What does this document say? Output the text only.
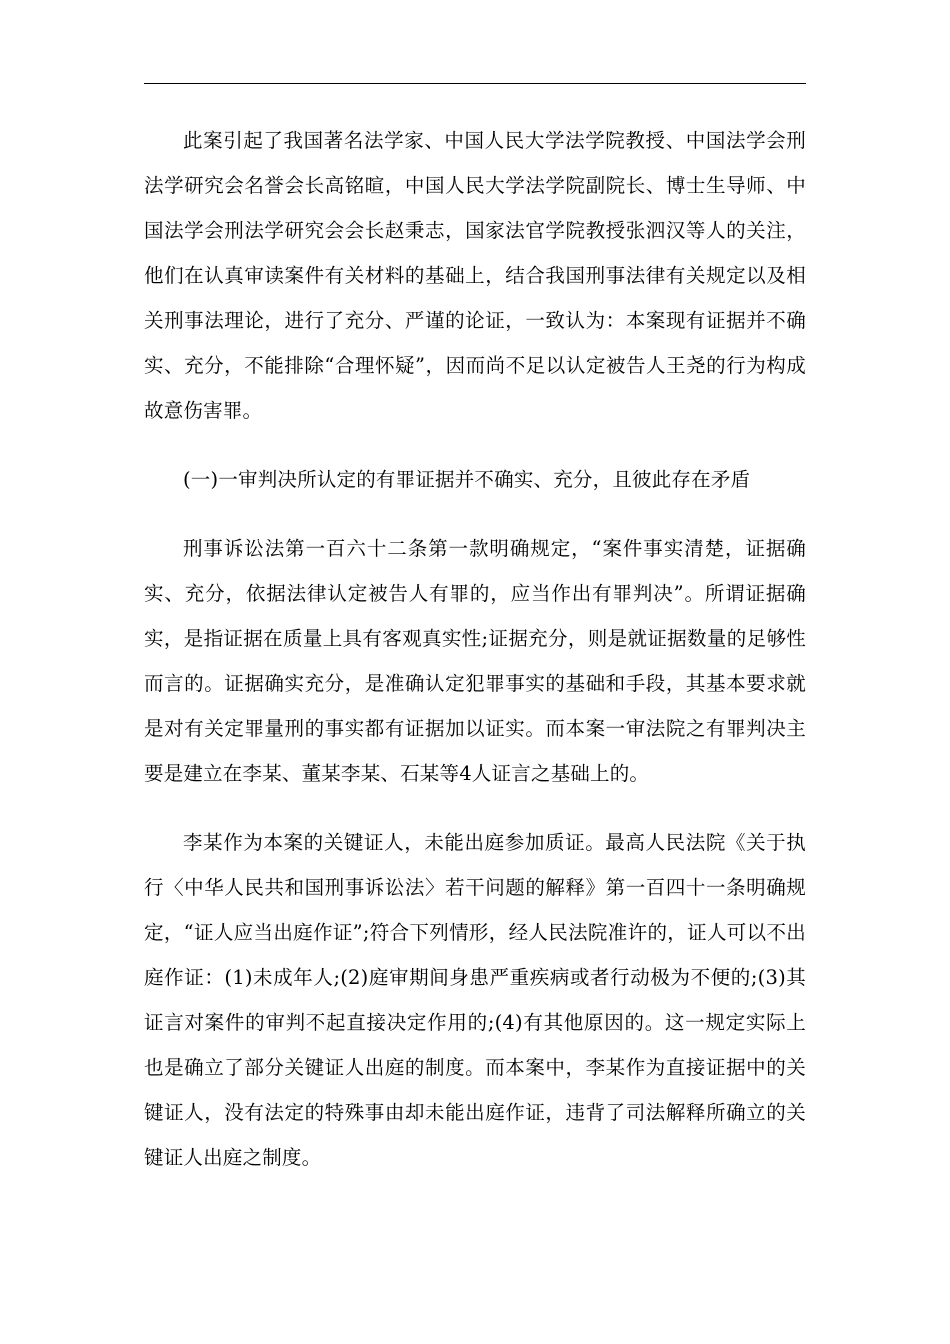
此案引起了我国著名法学家、中国人民大学法学院教授、中国法学会刑法学研究会名誉会长高铭暄，中国人民大学法学院副院长、博士生导师、中国法学会刑法学研究会会长赵秉志，国家法官学院教授张泗汉等人的关注，他们在认真审读案件有关材料的基础上，结合我国刑事法律有关规定以及相关刑事法理论，进行了充分、严谨的论证，一致认为：本案现有证据并不确实、充分，不能排除“合理怀疑”，因而尚不足以认定被告人王尧的行为构成故意伤害罪。

(一)一审判决所认定的有罪证据并不确实、充分，且彼此存在矛盾

刑事诉讼法第一百六十二条第一款明确规定，“案件事实清楚，证据确实、充分，依据法律认定被告人有罪的，应当作出有罪判决”。所谓证据确实，是指证据在质量上具有客观真实性;证据充分，则是就证据数量的足够性而言的。证据确实充分，是准确认定犯罪事实的基础和手段，其基本要求就是对有关定罪量刑的事实都有证据加以证实。而本案一审法院之有罪判决主要是建立在李某、董某李某、石某等4人证言之基础上的。

李某作为本案的关键证人，未能出庭参加质证。最高人民法院《关于执行〈中华人民共和国刑事诉讼法〉若干问题的解释》第一百四十一条明确规定，“证人应当出庭作证”;符合下列情形，经人民法院准许的，证人可以不出庭作证：(1)未成年人;(2)庭审期间身患严重疾病或者行动极为不便的;(3)其证言对案件的审判不起直接决定作用的;(4)有其他原因的。这一规定实际上也是确立了部分关键证人出庭的制度。而本案中，李某作为直接证据中的关键证人，没有法定的特殊事由却未能出庭作证，违背了司法解释所确立的关键证人出庭之制度。
